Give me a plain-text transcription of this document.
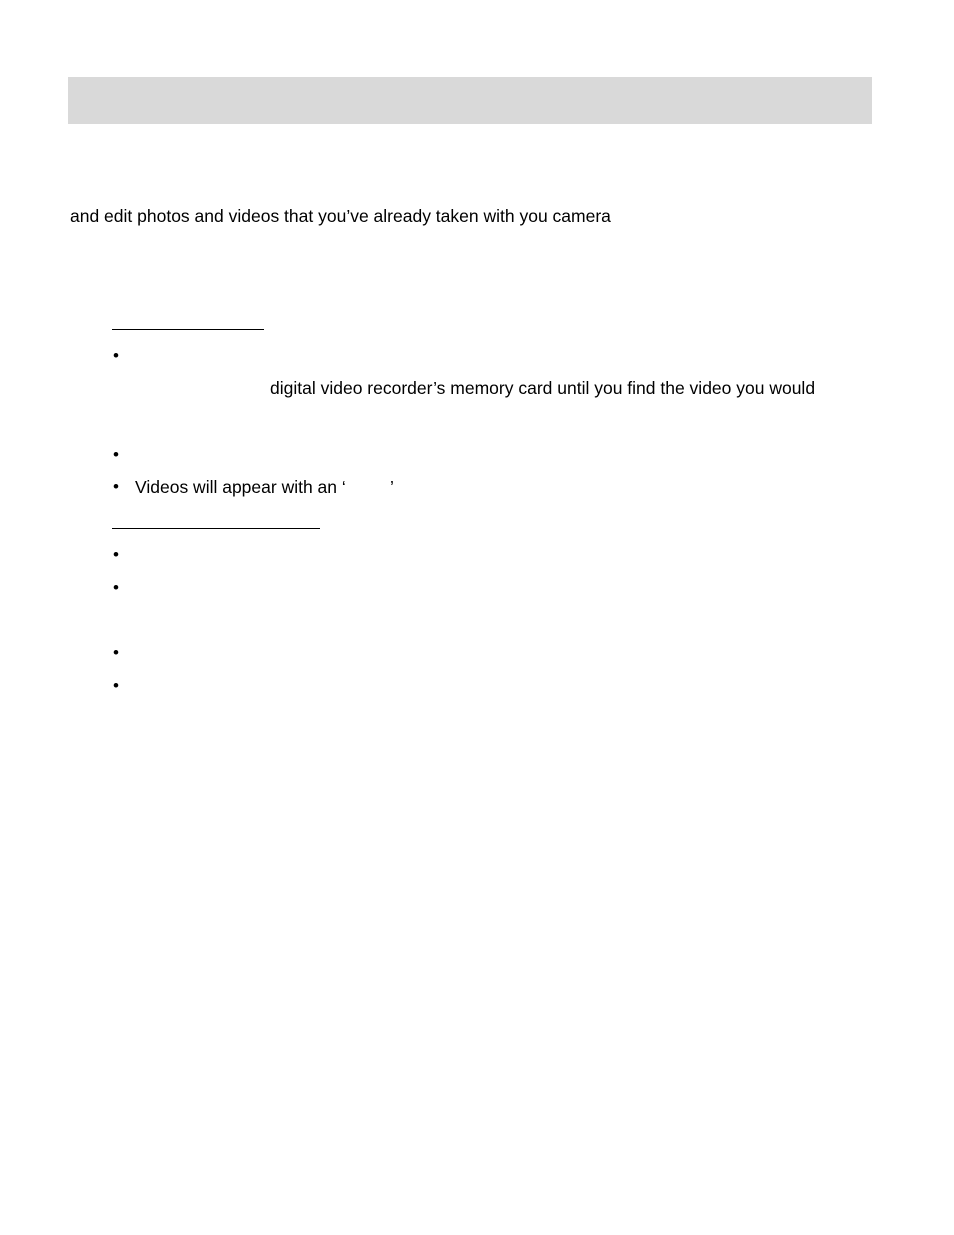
and edit photos and videos that you’ve already taken with you camera
•
digital video recorder’s memory card until you find the video you would
•
• Videos will appear with an ‘	’
•
•
•
•
